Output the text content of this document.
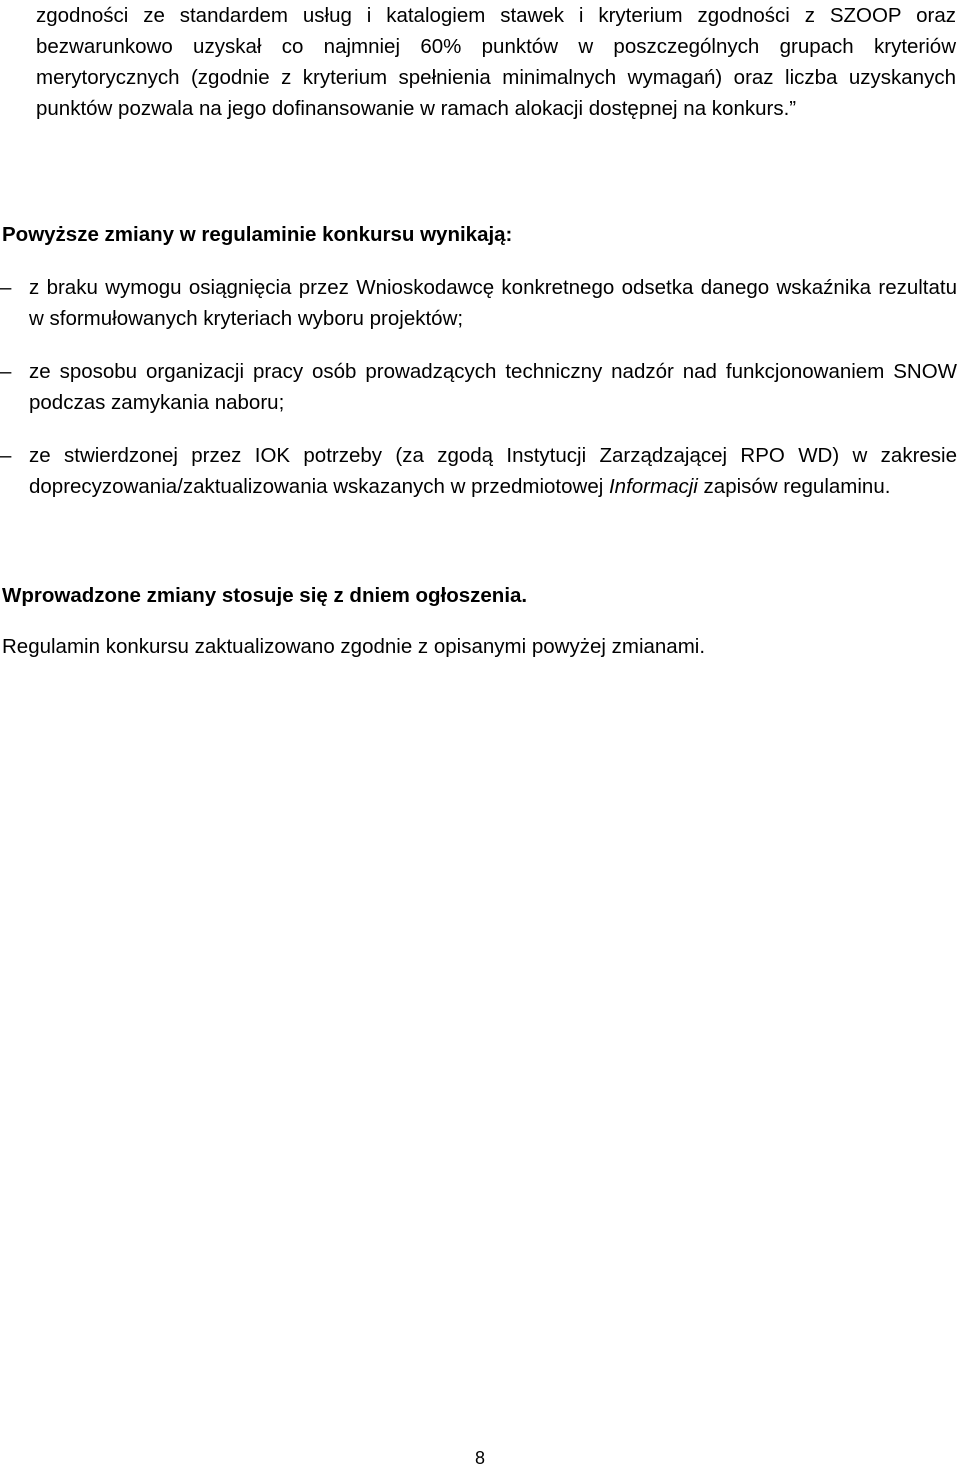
zgodności ze standardem usług i katalogiem stawek i kryterium zgodności z SZOOP oraz bezwarunkowo uzyskał co najmniej 60% punktów w poszczególnych grupach kryteriów merytorycznych (zgodnie z kryterium spełnienia minimalnych wymagań) oraz liczba uzyskanych punktów pozwala na jego dofinansowanie w ramach alokacji dostępnej na konkurs.”

Powyższe zmiany w regulaminie konkursu wynikają:

– z braku wymogu osiągnięcia przez Wnioskodawcę konkretnego odsetka danego wskaźnika rezultatu w sformułowanych kryteriach wyboru projektów;

– ze sposobu organizacji pracy osób prowadzących techniczny nadzór nad funkcjonowaniem SNOW podczas zamykania naboru;

– ze stwierdzonej przez IOK potrzeby (za zgodą Instytucji Zarządzającej RPO WD) w zakresie doprecyzowania/zaktualizowania wskazanych w przedmiotowej Informacji zapisów regulaminu.

Wprowadzone zmiany stosuje się z dniem ogłoszenia.

Regulamin konkursu zaktualizowano zgodnie z opisanymi powyżej zmianami.

8
